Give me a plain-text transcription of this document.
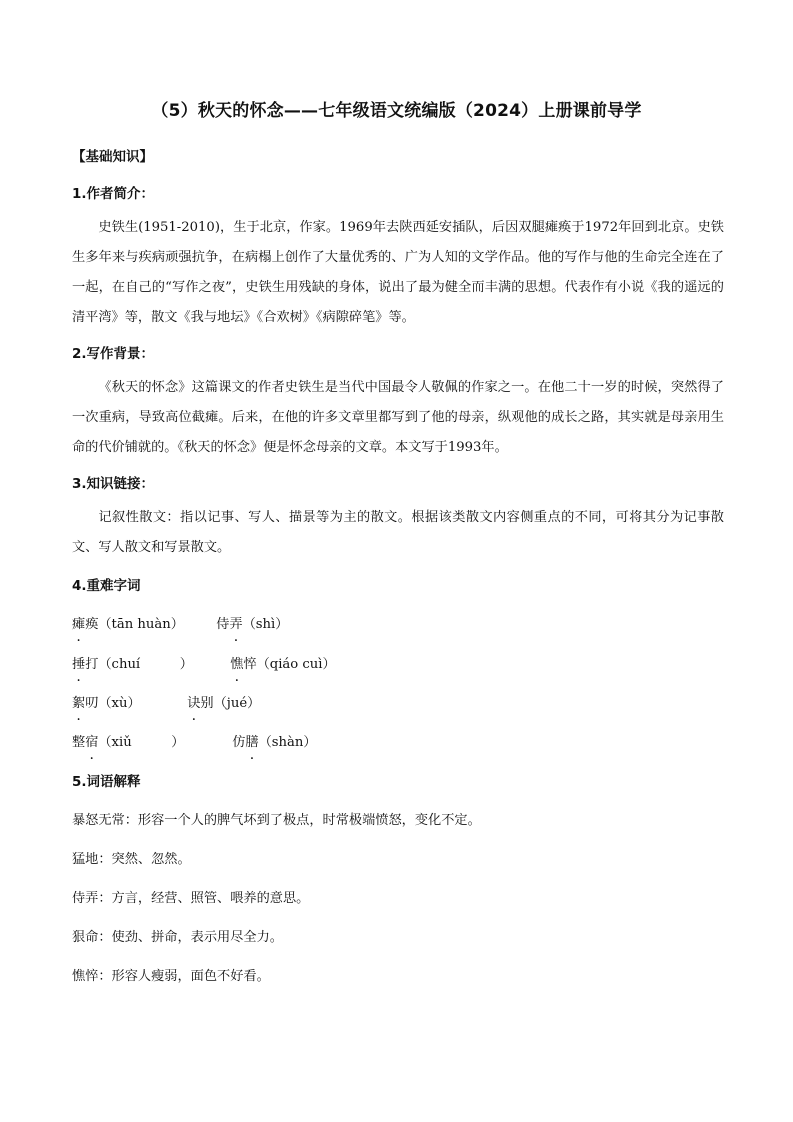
（5）秋天的怀念——七年级语文统编版（2024）上册课前导学
【基础知识】
1.作者简介：
史铁生(1951-2010)，生于北京，作家。1969年去陕西延安插队，后因双腿瘫痪于1972年回到北京。史铁生多年来与疾病顽强抗争，在病榻上创作了大量优秀的、广为人知的文学作品。他的写作与他的生命完全连在了一起，在自己的“写作之夜”，史铁生用残缺的身体，说出了最为健全而丰满的思想。代表作有小说《我的遥远的清平湾》等，散文《我与地坛》《合欢树》《病隙碎笔》等。
2.写作背景：
《秋天的怀念》这篇课文的作者史铁生是当代中国最令人敬佩的作家之一。在他二十一岁的时候，突然得了一次重病，导致高位截瘫。后来，在他的许多文章里都写到了他的母亲，纵观他的成长之路，其实就是母亲用生命的代价铺就的。《秋天的怀念》便是怀念母亲的文章。本文写于1993年。
3.知识链接：
记叙性散文：指以记事、写人、描景等为主的散文。根据该类散文内容侧重点的不同，可将其分为记事散文、写人散文和写景散文。
4.重难字词
瘫痪（tān huàn） 侍弄（shì）
捶打（chuí　　　）	憔悴（qiáo cuì）
絮叨（xù）	诀别（jué）
整宿（xiǔ　　　）	仿膳（shàn）
5.词语解释
暴怒无常：形容一个人的脾气坏到了极点，时常极端愤怒，变化不定。
猛地：突然、忽然。
侍弄：方言，经营、照管、喂养的意思。
狠命：使劲、拼命，表示用尽全力。
憔悴：形容人瘦弱，面色不好看。
